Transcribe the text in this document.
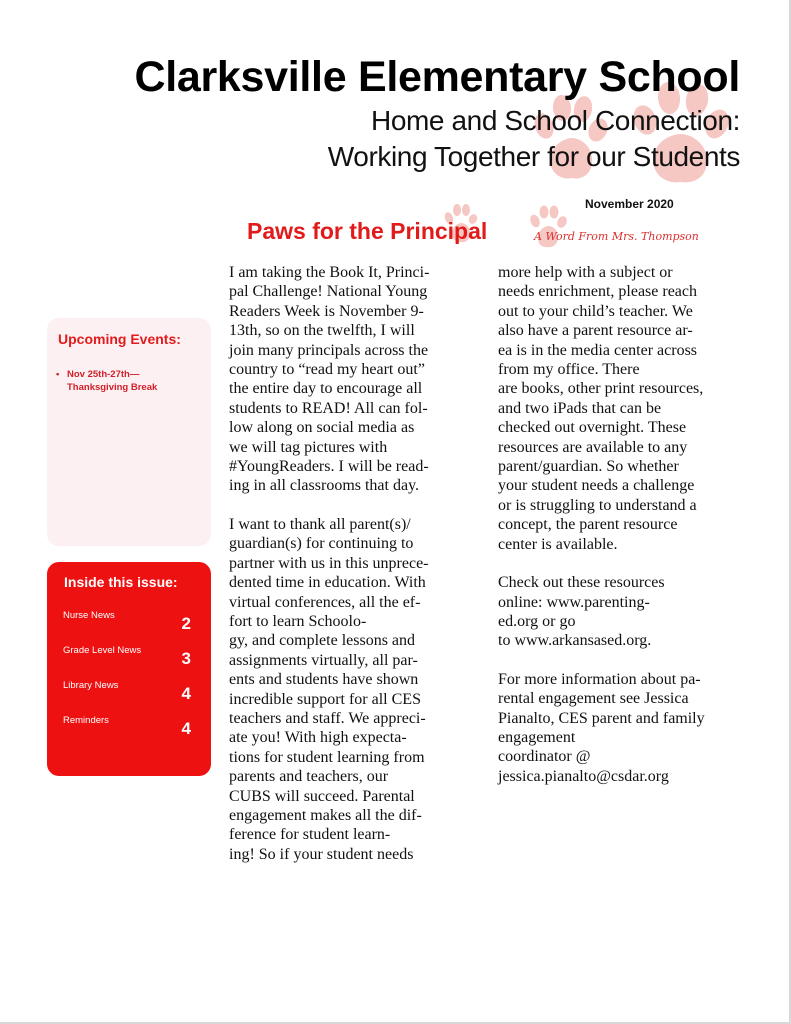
Clarksville Elementary School
Home and School Connection:
Working Together for our Students
November 2020
Paws for the Principal	A Word From Mrs. Thompson
Upcoming Events:
• Nov 25th-27th—
Thanksgiving Break
Inside this issue:
Nurse News	2
Grade Level News 3
Library News	4
Reminders	4

I am taking the Book It, Princi-

pal Challenge! National Young

Readers Week is November 9-

13th, so on the twelfth, I will

join many principals across the

country to “read my heart out”

the entire day to encourage all

students to READ! All can fol-

low along on social media as

we will tag pictures with

#YoungReaders. I will be read-

ing in all classrooms that day.

I want to thank all parent(s)/

guardian(s) for continuing to

partner with us in this unprece-

dented time in education. With

virtual conferences, all the ef-

fort to learn Schoolo-

gy, and complete lessons and

assignments virtually, all par-

ents and students have shown

incredible support for all CES

teachers and staff. We appreci-

ate you! With high expecta-

tions for student learning from

parents and teachers, our

CUBS will succeed. Parental

engagement makes all the dif-

ference for student learn-

ing! So if your student needs

more help with a subject or

needs enrichment, please reach

out to your child’s teacher. We

also have a parent resource ar-

ea is in the media center across

from my office. There

are books, other print resources,

and two iPads that can be

checked out overnight. These

resources are available to any

parent/guardian. So whether

your student needs a challenge

or is struggling to understand a

concept, the parent resource

center is available.

Check out these resources

online: www.parenting-

ed.org or go

to www.arkansased.org.

For more information about pa-

rental engagement see Jessica

Pianalto, CES parent and family

engagement

coordinator @

jessica.pianalto@csdar.org
